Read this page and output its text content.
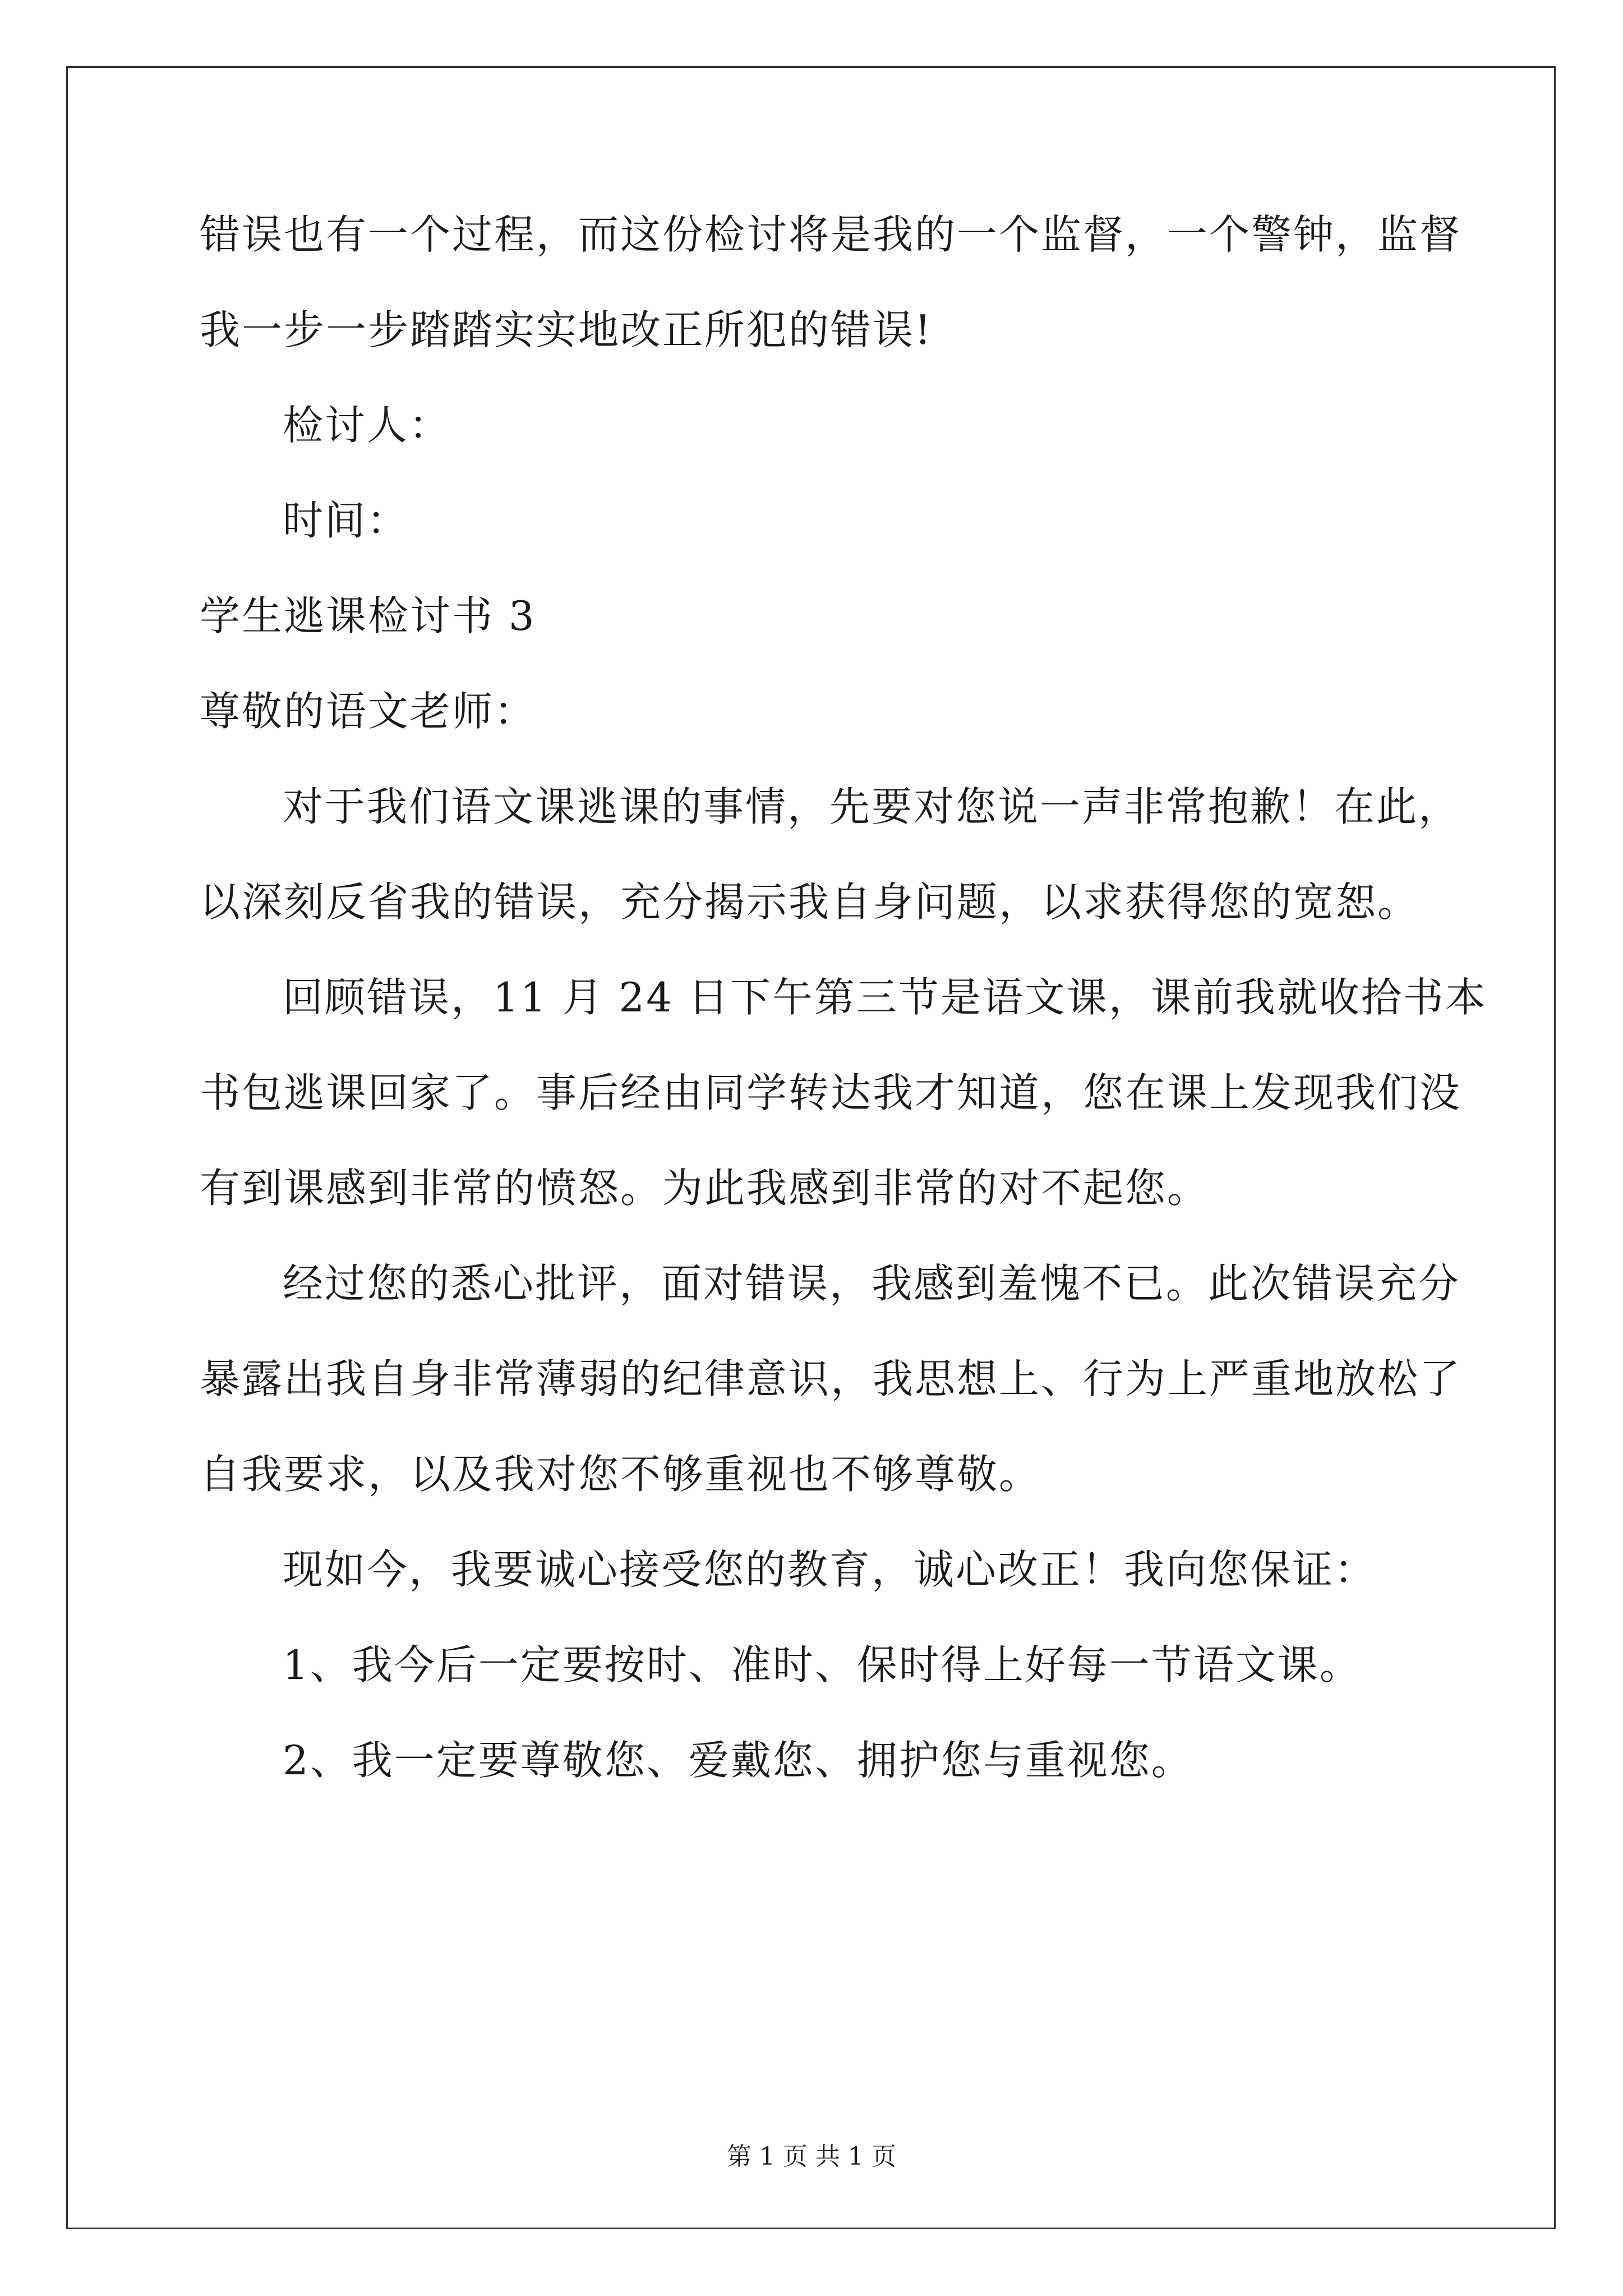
错误也有一个过程，而这份检讨将是我的一个监督，一个警钟，监督
我一步一步踏踏实实地改正所犯的错误!
检讨人：
时间：
学生逃课检讨书 3
尊敬的语文老师：
对于我们语文课逃课的事情，先要对您说一声非常抱歉！在此，
以深刻反省我的错误，充分揭示我自身问题，以求获得您的宽恕。
回顾错误，11 月 24 日下午第三节是语文课，课前我就收拾书本
书包逃课回家了。事后经由同学转达我才知道，您在课上发现我们没
有到课感到非常的愤怒。为此我感到非常的对不起您。
经过您的悉心批评，面对错误，我感到羞愧不已。此次错误充分
暴露出我自身非常薄弱的纪律意识，我思想上、行为上严重地放松了
自我要求，以及我对您不够重视也不够尊敬。
现如今，我要诚心接受您的教育，诚心改正！我向您保证：
1、我今后一定要按时、准时、保时得上好每一节语文课。
2、我一定要尊敬您、爱戴您、拥护您与重视您。
第 1 页 共 1 页
